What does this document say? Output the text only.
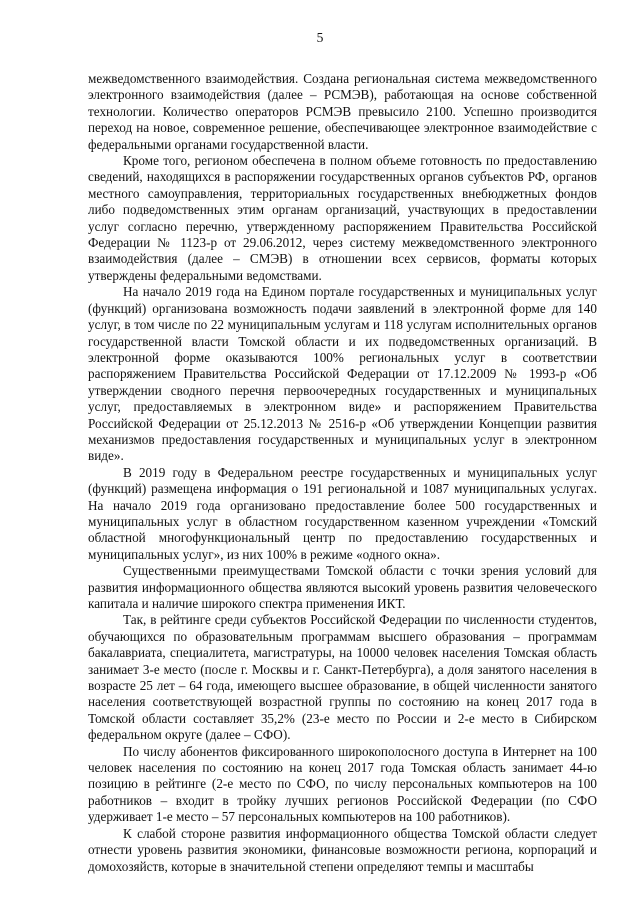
5

межведомственного взаимодействия. Создана региональная система межведомственного электронного взаимодействия (далее – РСМЭВ), работающая на основе собственной технологии. Количество операторов РСМЭВ превысило 2100. Успешно производится переход на новое, современное решение, обеспечивающее электронное взаимодействие с федеральными органами государственной власти.

Кроме того, регионом обеспечена в полном объеме готовность по предоставлению сведений, находящихся в распоряжении государственных органов субъектов РФ, органов местного самоуправления, территориальных государственных внебюджетных фондов либо подведомственных этим органам организаций, участвующих в предоставлении услуг согласно перечню, утвержденному распоряжением Правительства Российской Федерации № 1123-р от 29.06.2012, через систему межведомственного электронного взаимодействия (далее – СМЭВ) в отношении всех сервисов, форматы которых утверждены федеральными ведомствами.

На начало 2019 года на Едином портале государственных и муниципальных услуг (функций) организована возможность подачи заявлений в электронной форме для 140 услуг, в том числе по 22 муниципальным услугам и 118 услугам исполнительных органов государственной власти Томской области и их подведомственных организаций. В электронной форме оказываются 100% региональных услуг в соответствии распоряжением Правительства Российской Федерации от 17.12.2009 № 1993-р «Об утверждении сводного перечня первоочередных государственных и муниципальных услуг, предоставляемых в электронном виде» и распоряжением Правительства Российской Федерации от 25.12.2013 № 2516-р «Об утверждении Концепции развития механизмов предоставления государственных и муниципальных услуг в электронном виде».

В 2019 году в Федеральном реестре государственных и муниципальных услуг (функций) размещена информация о 191 региональной и 1087 муниципальных услугах. На начало 2019 года организовано предоставление более 500 государственных и муниципальных услуг в областном государственном казенном учреждении «Томский областной многофункциональный центр по предоставлению государственных и муниципальных услуг», из них 100% в режиме «одного окна».

Существенными преимуществами Томской области с точки зрения условий для развития информационного общества являются высокий уровень развития человеческого капитала и наличие широкого спектра применения ИКТ.

Так, в рейтинге среди субъектов Российской Федерации по численности студентов, обучающихся по образовательным программам высшего образования – программам бакалавриата, специалитета, магистратуры, на 10000 человек населения Томская область занимает 3-е место (после г. Москвы и г. Санкт-Петербурга), а доля занятого населения в возрасте 25 лет – 64 года, имеющего высшее образование, в общей численности занятого населения соответствующей возрастной группы по состоянию на конец 2017 года в Томской области составляет 35,2% (23-е место по России и 2-е место в Сибирском федеральном округе (далее – СФО).

По числу абонентов фиксированного широкополосного доступа в Интернет на 100 человек населения по состоянию на конец 2017 года Томская область занимает 44-ю позицию в рейтинге (2-е место по СФО, по числу персональных компьютеров на 100 работников – входит в тройку лучших регионов Российской Федерации (по СФО удерживает 1-е место – 57 персональных компьютеров на 100 работников).

К слабой стороне развития информационного общества Томской области следует отнести уровень развития экономики, финансовые возможности региона, корпораций и домохозяйств, которые в значительной степени определяют темпы и масштабы
